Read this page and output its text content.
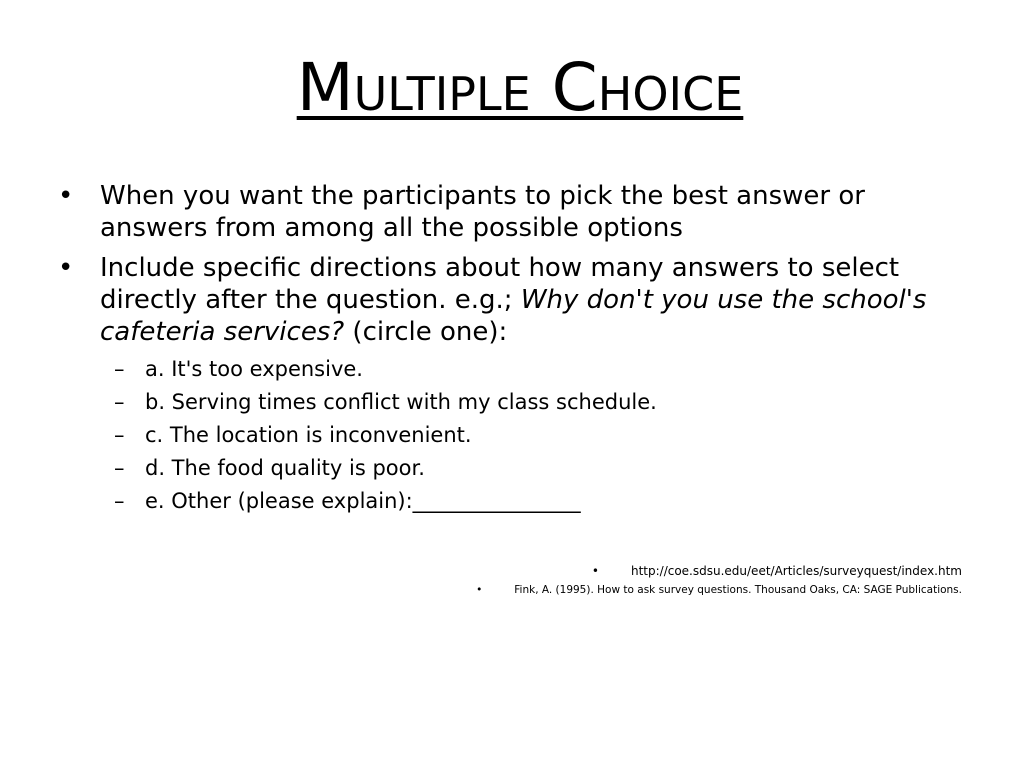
Multiple Choice
• When you want the participants to pick the best answer or answers from among all the possible options
• Include specific directions about how many answers to select directly after the question. e.g.; Why don't you use the school's cafeteria services? (circle one):
– a. It's too expensive.
– b. Serving times conflict with my class schedule.
– c. The location is inconvenient.
– d. The food quality is poor.
– e. Other (please explain):________________
•	http://coe.sdsu.edu/eet/Articles/surveyquest/index.htm
•	Fink, A. (1995). How to ask survey questions. Thousand Oaks, CA: SAGE Publications.
